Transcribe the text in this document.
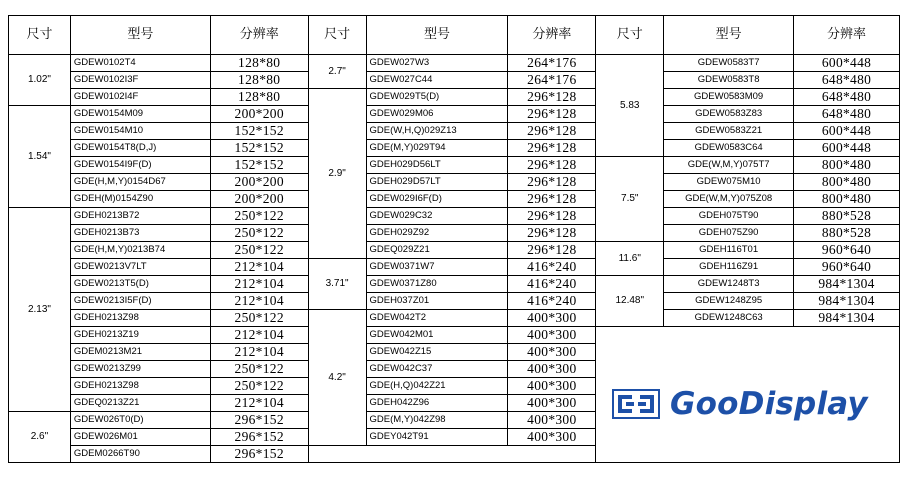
尺寸	型号	分辨率	尺寸	型号	分辨率	尺寸	型号	分辨率
1.02"	GDEW0102T4	128*80	2.7"	GDEW027W3	264*176	5.83	GDEW0583T7	600*448
	GDEW0102I3F	128*80		GDEW027C44	264*176		GDEW0583T8	648*480
	GDEW0102I4F	128*80	2.9"	GDEW029T5(D)	296*128		GDEW0583M09	648*480
1.54"	GDEW0154M09	200*200		GDEW029M06	296*128		GDEW0583Z83	648*480
	GDEW0154M10	152*152		GDE(W,H,Q)029Z13	296*128		GDEW0583Z21	600*448
	GDEW0154T8(D,J)	152*152		GDE(M,Y)029T94	296*128		GDEW0583C64	600*448
	GDEW0154I9F(D)	152*152		GDEH029D56LT	296*128	7.5"	GDE(W,M,Y)075T7	800*480
	GDE(H,M,Y)0154D67	200*200		GDEH029D57LT	296*128		GDEW075M10	800*480
	GDEH(M)0154Z90	200*200		GDEW029I6F(D)	296*128		GDE(W,M,Y)075Z08	800*480
2.13"	GDEH0213B72	250*122		GDEW029C32	296*128		GDEH075T90	880*528
	GDEH0213B73	250*122		GDEH029Z92	296*128		GDEH075Z90	880*528
	GDE(H,M,Y)0213B74	250*122		GDEQ029Z21	296*128	11.6"	GDEH116T01	960*640
	GDEW0213V7LT	212*104	3.71"	GDEW0371W7	416*240		GDEH116Z91	960*640
	GDEW0213T5(D)	212*104		GDEW0371Z80	416*240	12.48"	GDEW1248T3	984*1304
	GDEW0213I5F(D)	212*104		GDEH037Z01	416*240		GDEW1248Z95	984*1304
	GDEH0213Z98	250*122	4.2"	GDEW042T2	400*300		GDEW1248C63	984*1304
	GDEH0213Z19	212*104		GDEW042M01	400*300			
	GDEM0213M21	212*104		GDEW042Z15	400*300			
	GDEW0213Z99	250*122		GDEW042C37	400*300			
	GDEH0213Z98	250*122		GDE(H,Q)042Z21	400*300			
	GDEQ0213Z21	212*104		GDEH042Z96	400*300			
2.6"	GDEW026T0(D)	296*152		GDE(M,Y)042Z98	400*300			
	GDEW026M01	296*152		GDEY042T91	400*300			
	GDEM0266T90	296*152						
GooDisplay
